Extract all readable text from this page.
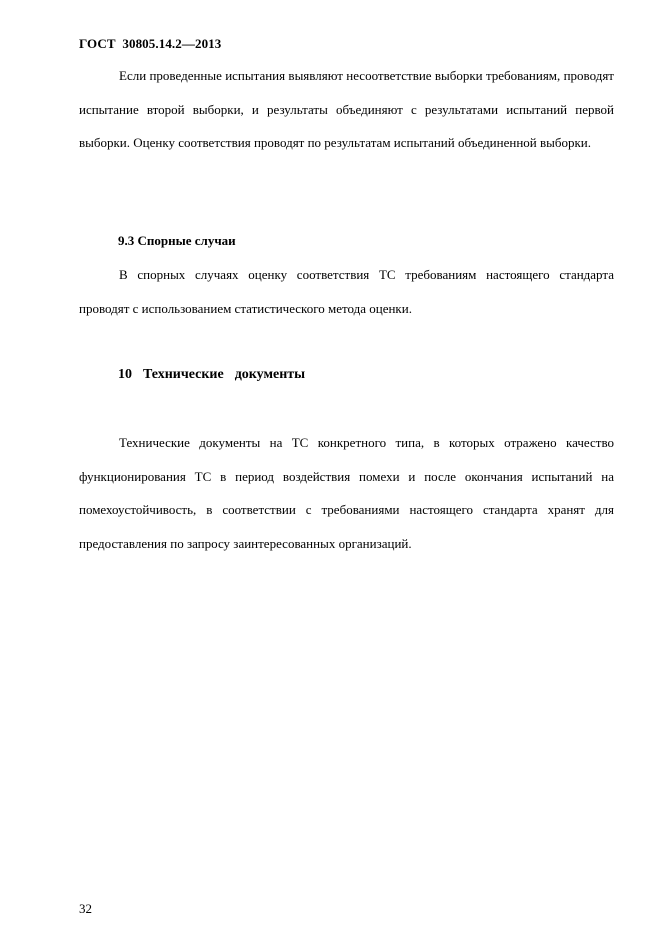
ГОСТ  30805.14.2—2013

Если проведенные испытания выявляют несоответствие выборки требованиям, проводят испытание второй выборки, и результаты объединяют с результатами испытаний первой выборки. Оценку соответствия проводят по результатам испытаний объединенной выборки.

9.3 Спорные случаи

В спорных случаях оценку соответствия ТС требованиям настоящего стандарта проводят с использованием статистического метода оценки.

10  Технические  документы

Технические документы на ТС конкретного типа, в которых отражено качество функционирования ТС в период воздействия помехи и после окончания испытаний на помехоустойчивость, в соответствии с требованиями настоящего стандарта хранят для предоставления по запросу заинтересованных организаций.

32
